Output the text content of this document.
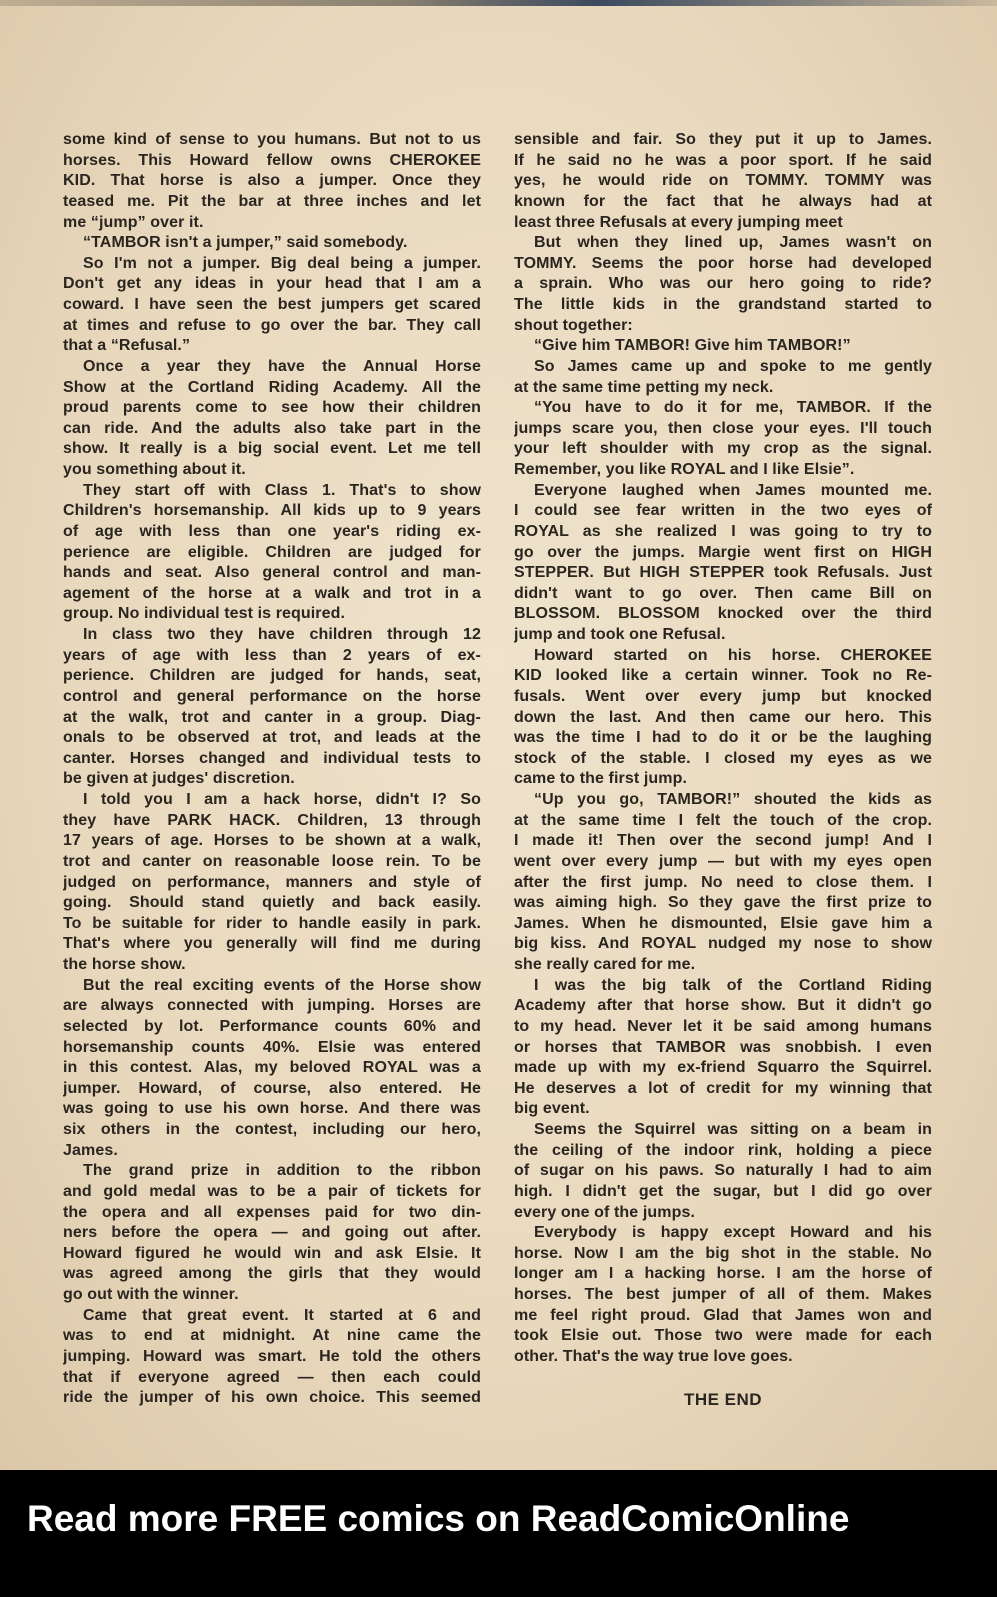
some kind of sense to you humans. But not to us
horses. This Howard fellow owns CHEROKEE
KID. That horse is also a jumper. Once they
teased me. Pit the bar at three inches and let
me “jump” over it.
“TAMBOR isn't a jumper,” said somebody.
So I'm not a jumper. Big deal being a jumper.
Don't get any ideas in your head that I am a
coward. I have seen the best jumpers get scared
at times and refuse to go over the bar. They call
that a “Refusal.”
Once a year they have the Annual Horse
Show at the Cortland Riding Academy. All the
proud parents come to see how their children
can ride. And the adults also take part in the
show. It really is a big social event. Let me tell
you something about it.
They start off with Class 1. That's to show
Children's horsemanship. All kids up to 9 years
of age with less than one year's riding ex-
perience are eligible. Children are judged for
hands and seat. Also general control and man-
agement of the horse at a walk and trot in a
group. No individual test is required.
In class two they have children through 12
years of age with less than 2 years of ex-
perience. Children are judged for hands, seat,
control and general performance on the horse
at the walk, trot and canter in a group. Diag-
onals to be observed at trot, and leads at the
canter. Horses changed and individual tests to
be given at judges' discretion.
I told you I am a hack horse, didn't I? So
they have PARK HACK. Children, 13 through
17 years of age. Horses to be shown at a walk,
trot and canter on reasonable loose rein. To be
judged on performance, manners and style of
going. Should stand quietly and back easily.
To be suitable for rider to handle easily in park.
That's where you generally will find me during
the horse show.
But the real exciting events of the Horse show
are always connected with jumping. Horses are
selected by lot. Performance counts 60% and
horsemanship counts 40%. Elsie was entered
in this contest. Alas, my beloved ROYAL was a
jumper. Howard, of course, also entered. He
was going to use his own horse. And there was
six others in the contest, including our hero,
James.
The grand prize in addition to the ribbon
and gold medal was to be a pair of tickets for
the opera and all expenses paid for two din-
ners before the opera — and going out after.
Howard figured he would win and ask Elsie. It
was agreed among the girls that they would
go out with the winner.
Came that great event. It started at 6 and
was to end at midnight. At nine came the
jumping. Howard was smart. He told the others
that if everyone agreed — then each could
ride the jumper of his own choice. This seemed
sensible and fair. So they put it up to James.
If he said no he was a poor sport. If he said
yes, he would ride on TOMMY. TOMMY was
known for the fact that he always had at
least three Refusals at every jumping meet
But when they lined up, James wasn't on
TOMMY. Seems the poor horse had developed
a sprain. Who was our hero going to ride?
The little kids in the grandstand started to
shout together:
“Give him TAMBOR! Give him TAMBOR!”
So James came up and spoke to me gently
at the same time petting my neck.
“You have to do it for me, TAMBOR. If the
jumps scare you, then close your eyes. I'll touch
your left shoulder with my crop as the signal.
Remember, you like ROYAL and I like Elsie”.
Everyone laughed when James mounted me.
I could see fear written in the two eyes of
ROYAL as she realized I was going to try to
go over the jumps. Margie went first on HIGH
STEPPER. But HIGH STEPPER took Refusals. Just
didn't want to go over. Then came Bill on
BLOSSOM. BLOSSOM knocked over the third
jump and took one Refusal.
Howard started on his horse. CHEROKEE
KID looked like a certain winner. Took no Re-
fusals. Went over every jump but knocked
down the last. And then came our hero. This
was the time I had to do it or be the laughing
stock of the stable. I closed my eyes as we
came to the first jump.
“Up you go, TAMBOR!” shouted the kids as
at the same time I felt the touch of the crop.
I made it! Then over the second jump! And I
went over every jump — but with my eyes open
after the first jump. No need to close them. I
was aiming high. So they gave the first prize to
James. When he dismounted, Elsie gave him a
big kiss. And ROYAL nudged my nose to show
she really cared for me.
I was the big talk of the Cortland Riding
Academy after that horse show. But it didn't go
to my head. Never let it be said among humans
or horses that TAMBOR was snobbish. I even
made up with my ex-friend Squarro the Squirrel.
He deserves a lot of credit for my winning that
big event.
Seems the Squirrel was sitting on a beam in
the ceiling of the indoor rink, holding a piece
of sugar on his paws. So naturally I had to aim
high. I didn't get the sugar, but I did go over
every one of the jumps.
Everybody is happy except Howard and his
horse. Now I am the big shot in the stable. No
longer am I a hacking horse. I am the horse of
horses. The best jumper of all of them. Makes
me feel right proud. Glad that James won and
took Elsie out. Those two were made for each
other. That's the way true love goes.
THE END
Read more FREE comics on ReadComicOnline
